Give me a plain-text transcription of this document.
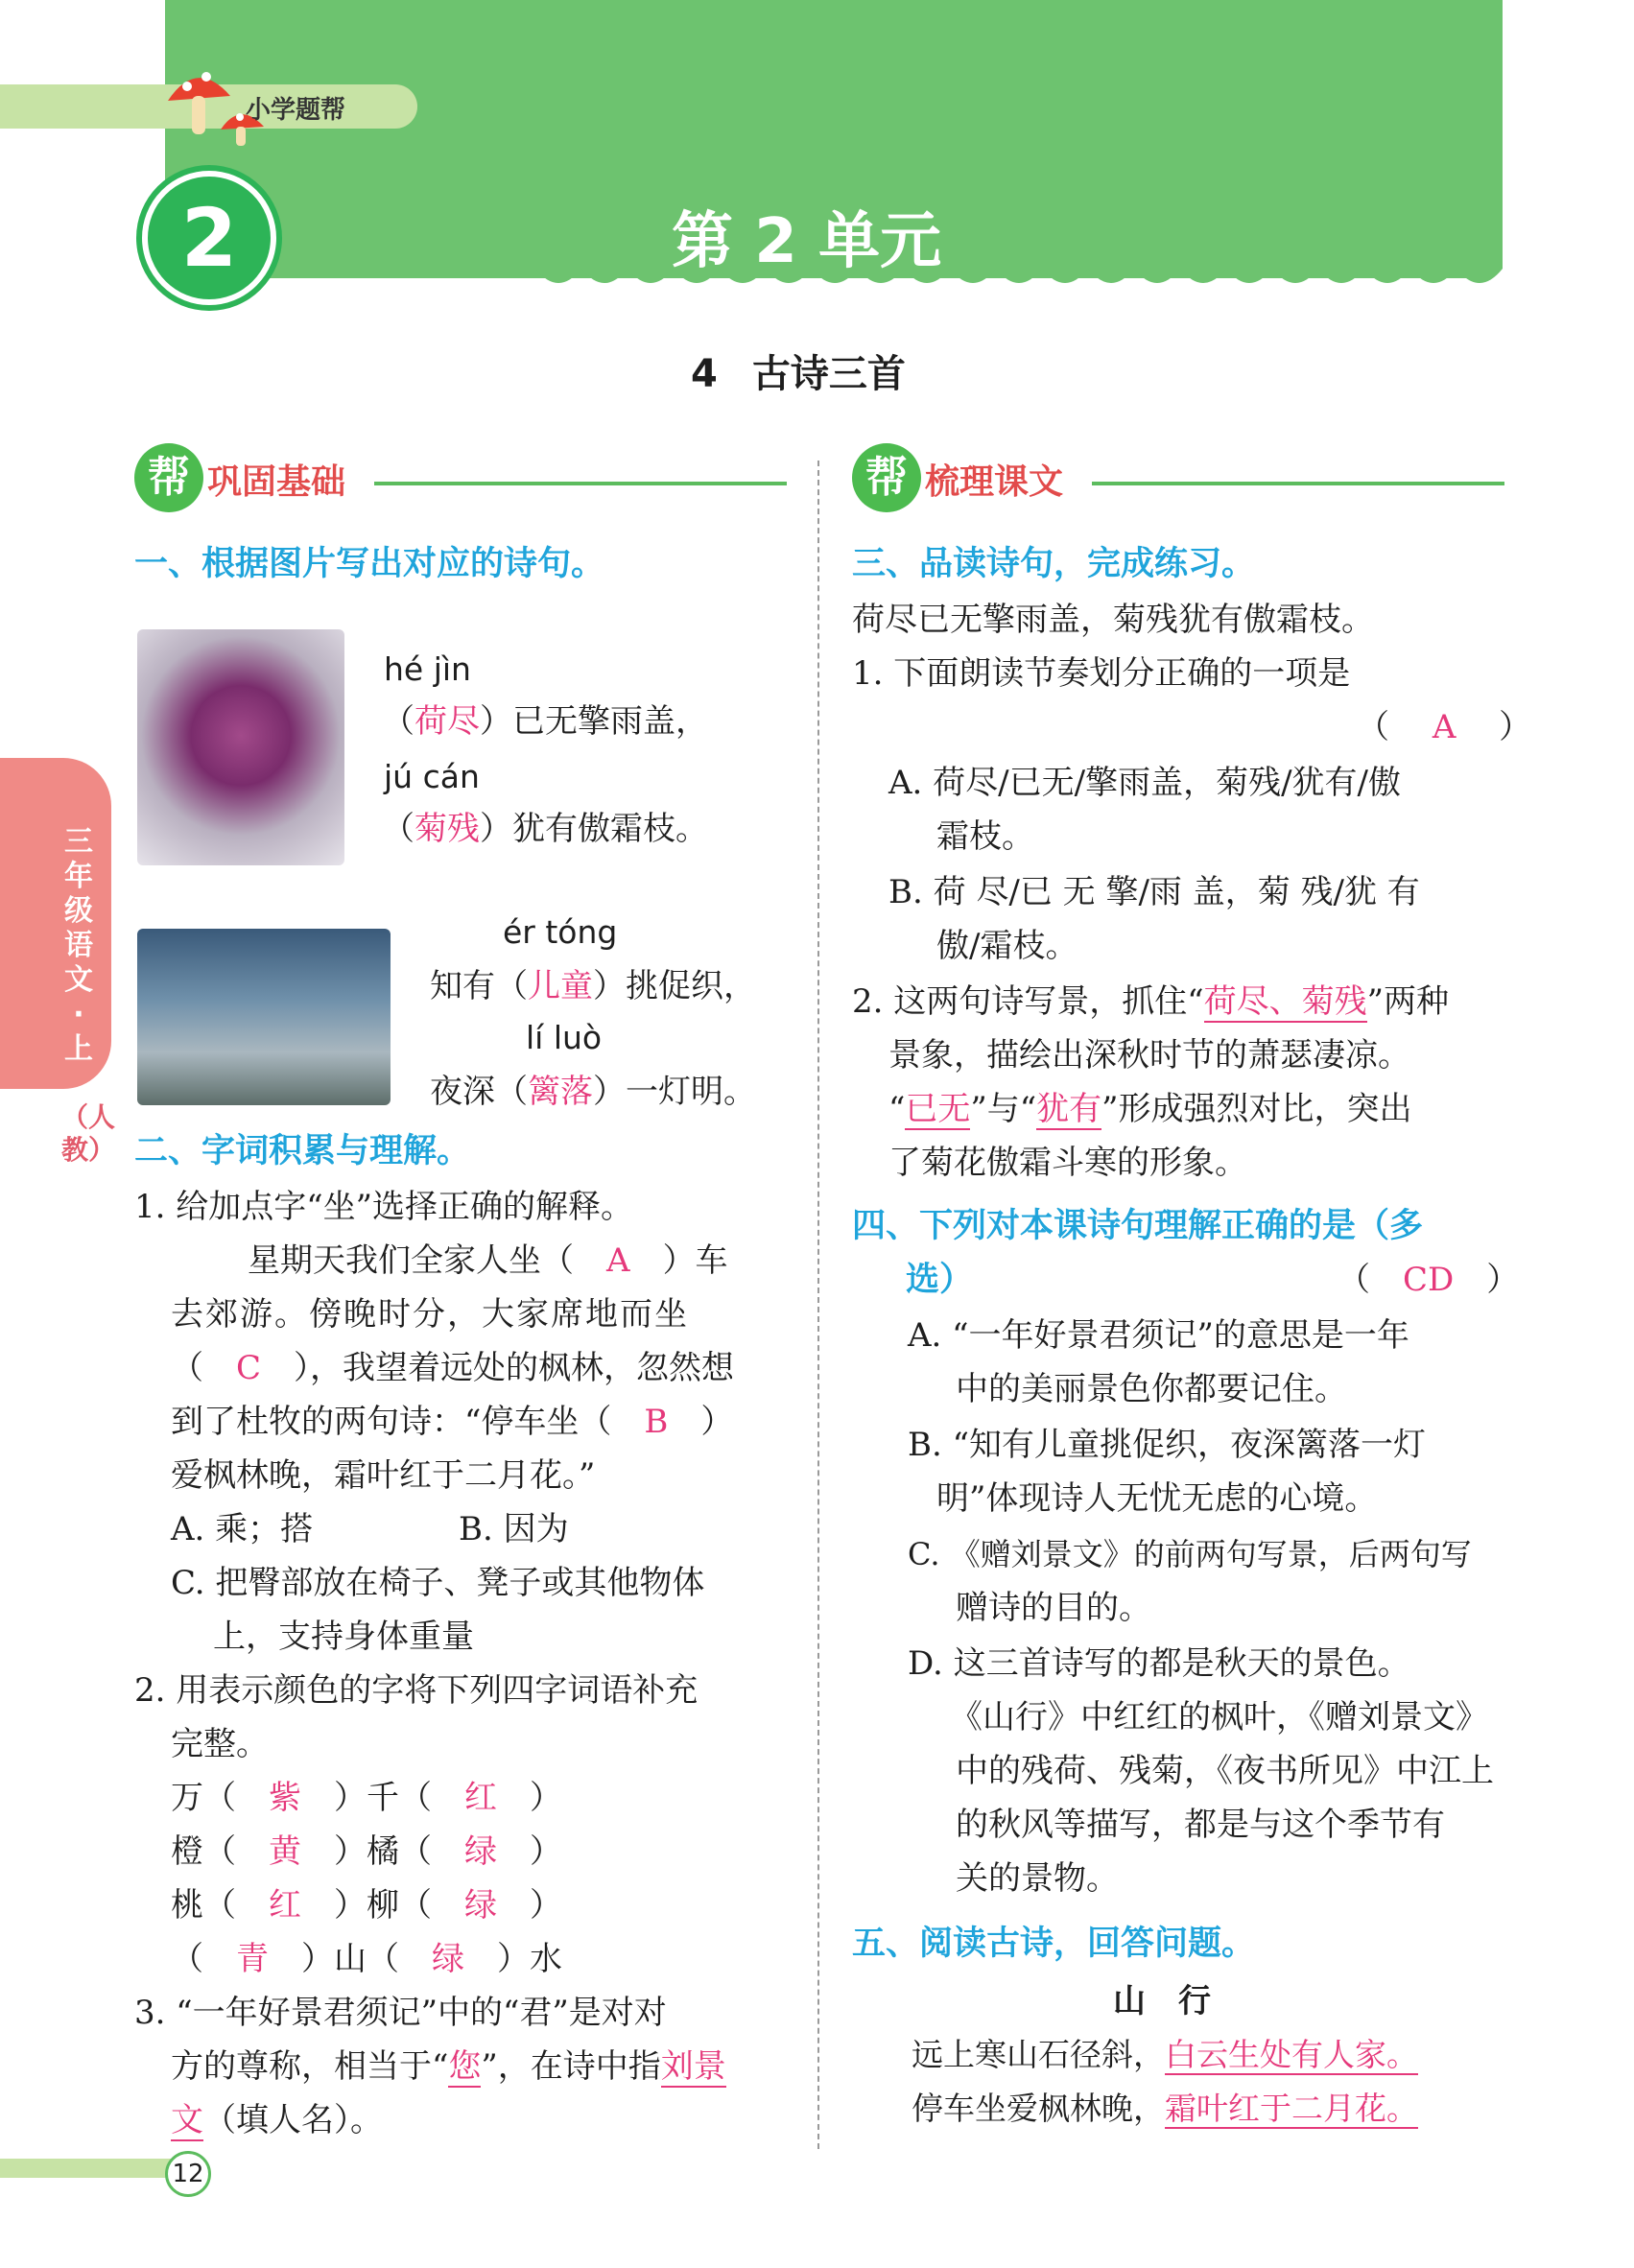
小学题帮
2	第 2 单元
4 古诗三首
三年级语文·上
（人教）
帮 巩固基础	帮 梳理课文
一、根据图片写出对应的诗句。
hé jìn
（荷尽）已无擎雨盖，
jú cán
（菊残）犹有傲霜枝。
ér tóng
知有（儿童）挑促织，
lí luò
夜深（篱落）一灯明。
二、字词积累与理解。
1. 给加点字“坐”选择正确的解释。
星期天我们全家人坐（　 A　 ）车
去郊游。傍晚时分，大家席地而坐
（　 C　 ），我望着远处的枫林，忽然想
到了杜牧的两句诗：“停车坐（　 B　 ）
爱枫林晚，霜叶红于二月花。”
A. 乘；搭	B. 因为
C. 把臀部放在椅子、凳子或其他物体
上，支持身体重量
2. 用表示颜色的字将下列四字词语补充
完整。
万（　紫　）千（　红　）
橙（　黄　）橘（　绿　）
桃（　红　）柳（　绿　）
（　青　）山（　绿　）水
3. “一年好景君须记”中的“君”是对对
方的尊称，相当于“您”，在诗中指刘景
文（填人名）。
三、品读诗句，完成练习。
荷尽已无擎雨盖，菊残犹有傲霜枝。
1. 下面朗读节奏划分正确的一项是
（　 A 　）
A. 荷尽/已无/擎雨盖，菊残/犹有/傲
霜枝。
B. 荷 尽/已 无 擎/雨 盖，菊 残/犹 有
傲/霜枝。
2. 这两句诗写景，抓住“荷尽、菊残”两种
景象，描绘出深秋时节的萧瑟凄凉。
“已无”与“犹有”形成强烈对比，突出
了菊花傲霜斗寒的形象。
四、下列对本课诗句理解正确的是（多
选）	（　CD　）
A. “一年好景君须记”的意思是一年
中的美丽景色你都要记住。
B. “知有儿童挑促织，夜深篱落一灯
明”体现诗人无忧无虑的心境。
C. 《赠刘景文》的前两句写景，后两句写
赠诗的目的。
D. 这三首诗写的都是秋天的景色。
《山行》中红红的枫叶，《赠刘景文》
中的残荷、残菊，《夜书所见》中江上
的秋风等描写，都是与这个季节有
关的景物。
五、阅读古诗，回答问题。
山　行
远上寒山石径斜，白云生处有人家。
停车坐爱枫林晚，霜叶红于二月花。
12
